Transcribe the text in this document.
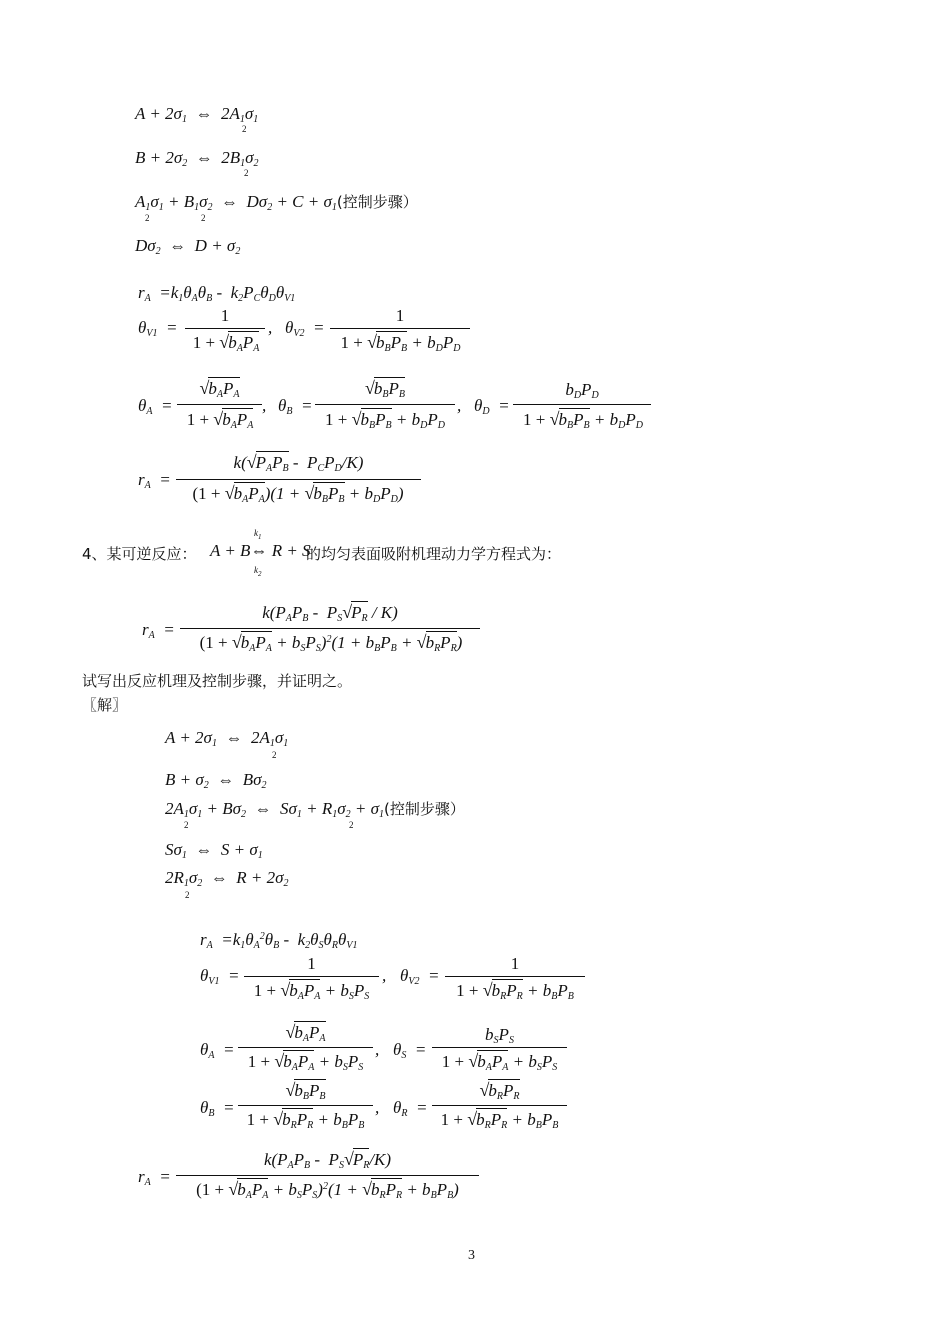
$A + 2\sigma_1$  ⇔  $2A_1$
$\sigma_1$
2
$B + 2\sigma_2$  ⇔  $2B_1\sigma_2$
2
$A_1\sigma_1 + B_1\sigma_2$  ⇔  $D\sigma_2 + C + \sigma_1$(控制步骤）
2	2
$D\sigma_2$  ⇔  $D + \sigma_2$
$r_A =k_1\theta_A\theta_B - k_2P_C\theta_D\theta_{V1}$
$\theta_{V1}$  =
1
$1 + √b_AP_A$
, $\theta_{V2}$  =
1
$1 + √b_BP_B + b_DP_D$
$\theta_A$  =
$√b_AP_A$
$1 + √b_AP_A$
, $\theta_B$  =
$√b_BP_B$
$1 + √b_BP_B + b_DP_D$
, $\theta_D$  =
$b_DP_D$
$1 + √b_BP_B + b_DP_D$
$r_A$  =
$k(√P_AP_B - P_CP_D/K)$
$(1 + √b_AP_A)(1 + √b_BP_B + b_DP_D)$
4、某可逆反应： A + B⇔ R + S
$k_1$
$k_2$
的均匀表面吸附机理动力学方程式为：
$r_A$  =
$k(P_AP_B - P_S√P_R / K)$
$(1 + √b_AP_A + b_SP_S)^2(1 + b_BP_B + √b_RP_R)$
试写出反应机理及控制步骤，并证明之。
〖解〗
$A + 2\sigma_1$  ⇔  $2A_1\sigma_1$
2
$B + \sigma_2$  ⇔  $B\sigma_2$
$2A_1\sigma_1 + B\sigma_2$  ⇔  $S\sigma_1 + R_1\sigma_2 + \sigma_1$(控制步骤）
2	2
$S\sigma_1$  ⇔  $S + \sigma_1$
$2R_1\sigma_2$  ⇔  $R + 2\sigma_2$
2
$r_A =k_1\theta_A^2\theta_B - k_2\theta_S\theta_R\theta_{V1}$
$\theta_{V1}$  =
1
$1 + √b_AP_A + b_SP_S$
, $\theta_{V2}$  =
1
$1 + √b_RP_R + b_BP_B$
$\theta_A$  =
$√b_AP_A$
$1 + √b_AP_A + b_SP_S$
, $\theta_S$  =
$b_SP_S$
$1 + √b_AP_A + b_SP_S$
$\theta_B$  =
$√b_BP_B$
$1 + √b_RP_R + b_BP_B$
, $\theta_R$  =
$√b_RP_R$
$1 + √b_RP_R + b_BP_B$
$r_A$  =
$k(P_AP_B - P_S√P_R/K)$
$(1 + √b_AP_A + b_SP_S)^2(1 + √b_RP_R + b_BP_B)$
3
